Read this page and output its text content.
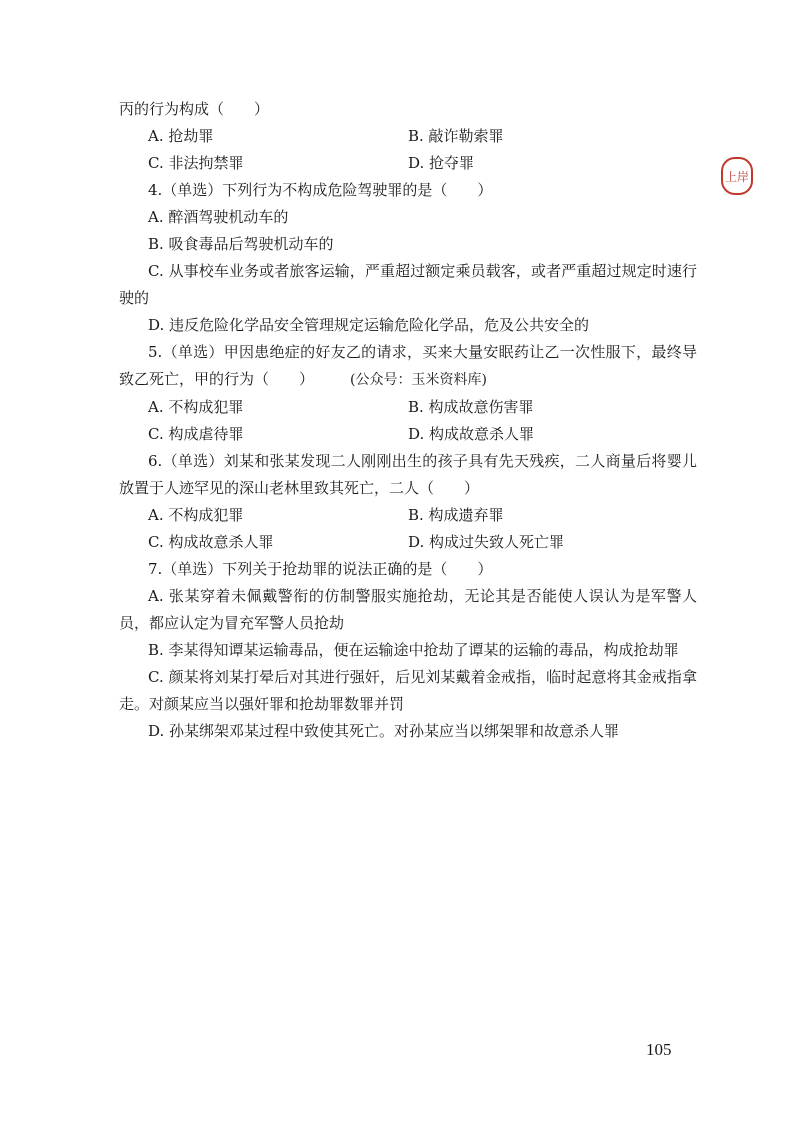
丙的行为构成（　　）
A. 抢劫罪	B. 敲诈勒索罪
C. 非法拘禁罪	D. 抢夺罪
4.（单选）下列行为不构成危险驾驶罪的是（　　）
A. 醉酒驾驶机动车的
B. 吸食毒品后驾驶机动车的
C. 从事校车业务或者旅客运输，严重超过额定乘员载客，或者严重超过规定时速行驶的
D. 违反危险化学品安全管理规定运输危险化学品，危及公共安全的
5.（单选）甲因患绝症的好友乙的请求，买来大量安眠药让乙一次性服下，最终导致乙死亡，甲的行为（　　）	(公众号：玉米资料库)
A. 不构成犯罪	B. 构成故意伤害罪
C. 构成虐待罪	D. 构成故意杀人罪
6.（单选）刘某和张某发现二人刚刚出生的孩子具有先天残疾，二人商量后将婴儿放置于人迹罕见的深山老林里致其死亡，二人（　　）
A. 不构成犯罪	B. 构成遗弃罪
C. 构成故意杀人罪	D. 构成过失致人死亡罪
7.（单选）下列关于抢劫罪的说法正确的是（　　）
A. 张某穿着未佩戴警衔的仿制警服实施抢劫，无论其是否能使人误认为是军警人员，都应认定为冒充军警人员抢劫
B. 李某得知谭某运输毒品，便在运输途中抢劫了谭某的运输的毒品，构成抢劫罪
C. 颜某将刘某打晕后对其进行强奸，后见刘某戴着金戒指，临时起意将其金戒指拿走。对颜某应当以强奸罪和抢劫罪数罪并罚
D. 孙某绑架邓某过程中致使其死亡。对孙某应当以绑架罪和故意杀人罪
上岸
105
